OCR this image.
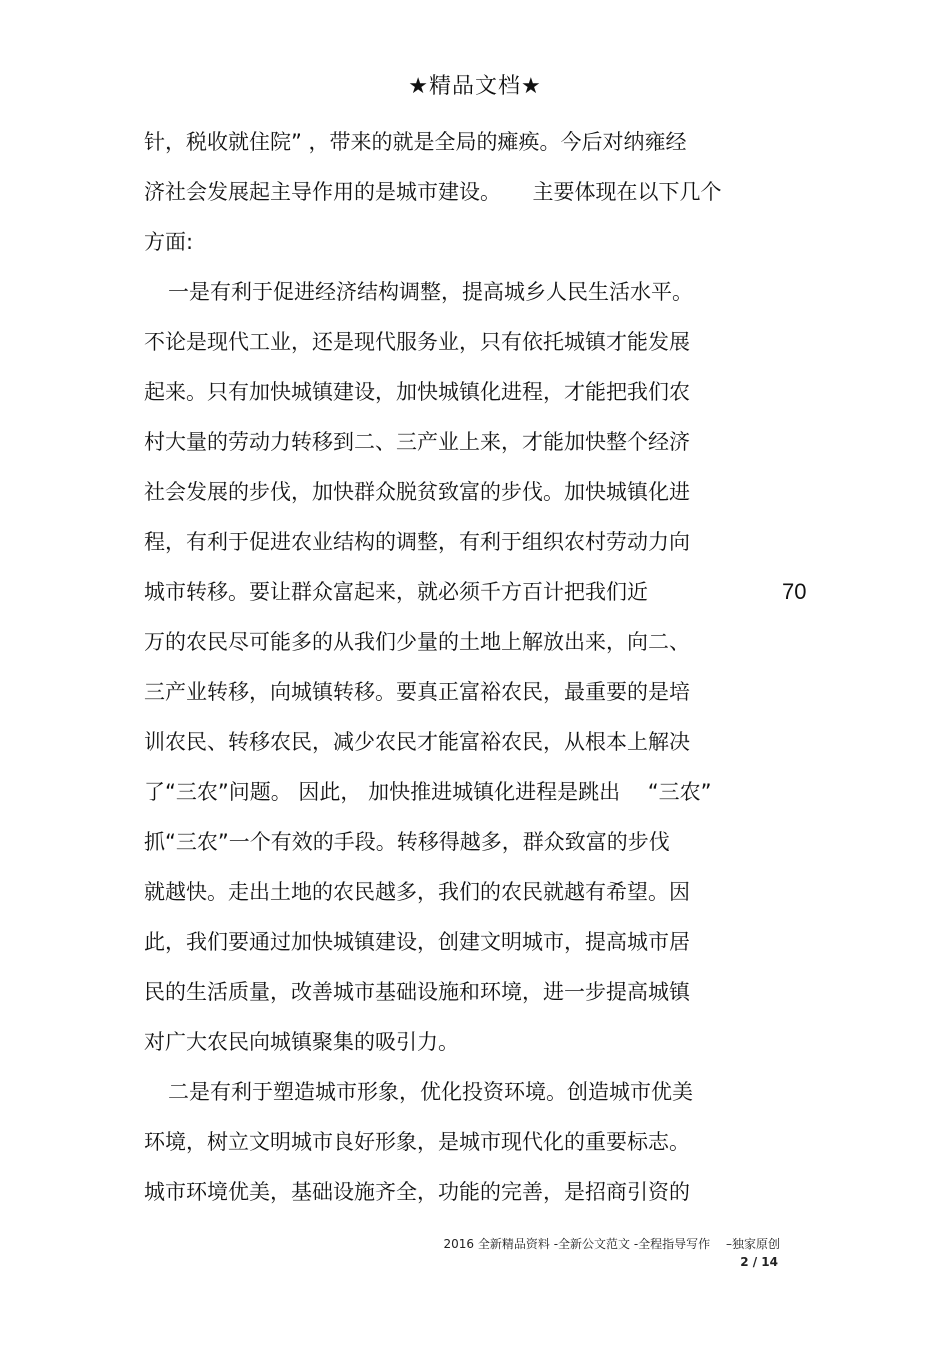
★精品文档★
针，税收就住院” ，带来的就是全局的瘫痪。今后对纳雍经
济社会发展起主导作用的是城市建设。　　主要体现在以下几个
方面:
一是有利于促进经济结构调整，提高城乡人民生活水平。
不论是现代工业，还是现代服务业，只有依托城镇才能发展
起来。只有加快城镇建设，加快城镇化进程，才能把我们农
村大量的劳动力转移到二、三产业上来，才能加快整个经济
社会发展的步伐，加快群众脱贫致富的步伐。加快城镇化进
程，有利于促进农业结构的调整，有利于组织农村劳动力向
城市转移。要让群众富起来，就必须千方百计把我们近	70
万的农民尽可能多的从我们少量的土地上解放出来，向二、
三产业转移，向城镇转移。要真正富裕农民，最重要的是培
训农民、转移农民，减少农民才能富裕农民，从根本上解决
了“三农”问题。 因此， 加快推进城镇化进程是跳出 　“三农”
抓“三农”一个有效的手段。转移得越多，群众致富的步伐
就越快。走出土地的农民越多，我们的农民就越有希望。因
此，我们要通过加快城镇建设，创建文明城市，提高城市居
民的生活质量，改善城市基础设施和环境，进一步提高城镇
对广大农民向城镇聚集的吸引力。
二是有利于塑造城市形象，优化投资环境。创造城市优美
环境，树立文明城市良好形象，是城市现代化的重要标志。
城市环境优美，基础设施齐全，功能的完善，是招商引资的
2016 全新精品资料 -全新公文范文 -全程指导写作 　–独家原创
2 / 14
